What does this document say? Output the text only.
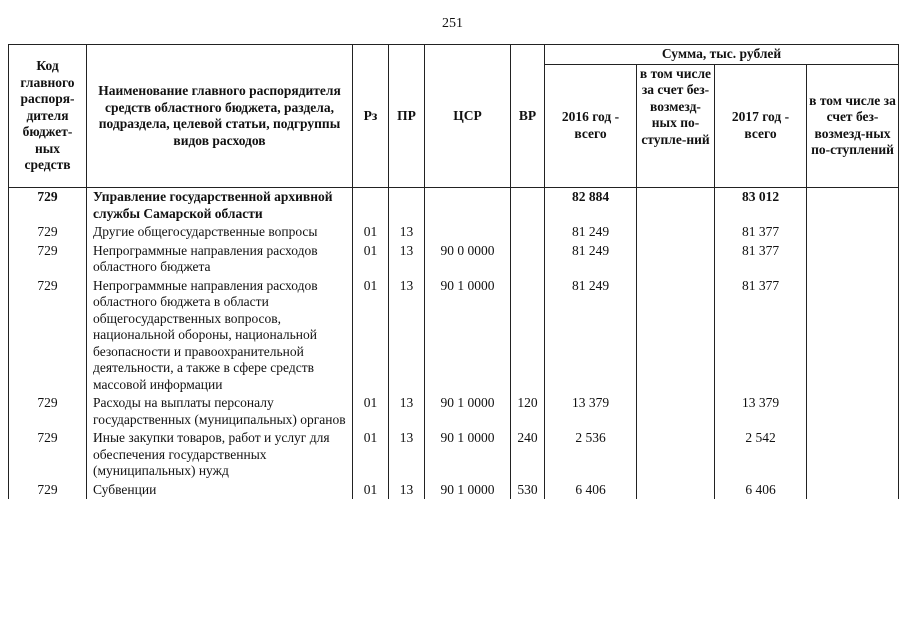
251
Код главного распоря-дителя бюджет-ных средств	Наименование главного распорядителя средств областного бюджета, раздела, подраздела, целевой статьи, подгруппы видов расходов	Рз	ПР	ЦСР	ВР	Сумма, тыс. рублей			
						2016 год - всего	в том числе за счет без-возмезд-ных по-ступле-ний	2017 год - всего	в том числе за счет без-возмезд-ных по-ступлений
729	Управление государственной архивной службы Самарской области					82 884		83 012	
729	Другие общегосударственные вопросы	01	13			81 249		81 377	
729	Непрограммные направления расходов областного бюджета	01	13	90 0 0000		81 249		81 377	
729	Непрограммные направления расходов областного бюджета в области общегосударственных вопросов, национальной обороны, национальной безопасности и правоохранительной деятельности, а также в сфере средств массовой информации	01	13	90 1 0000		81 249		81 377	
729	Расходы на выплаты персоналу государственных (муниципальных) органов	01	13	90 1 0000	120	13 379		13 379	
729	Иные закупки товаров, работ и услуг для обеспечения государственных (муниципальных) нужд	01	13	90 1 0000	240	2 536		2 542	
729	Субвенции	01	13	90 1 0000	530	6 406		6 406	
